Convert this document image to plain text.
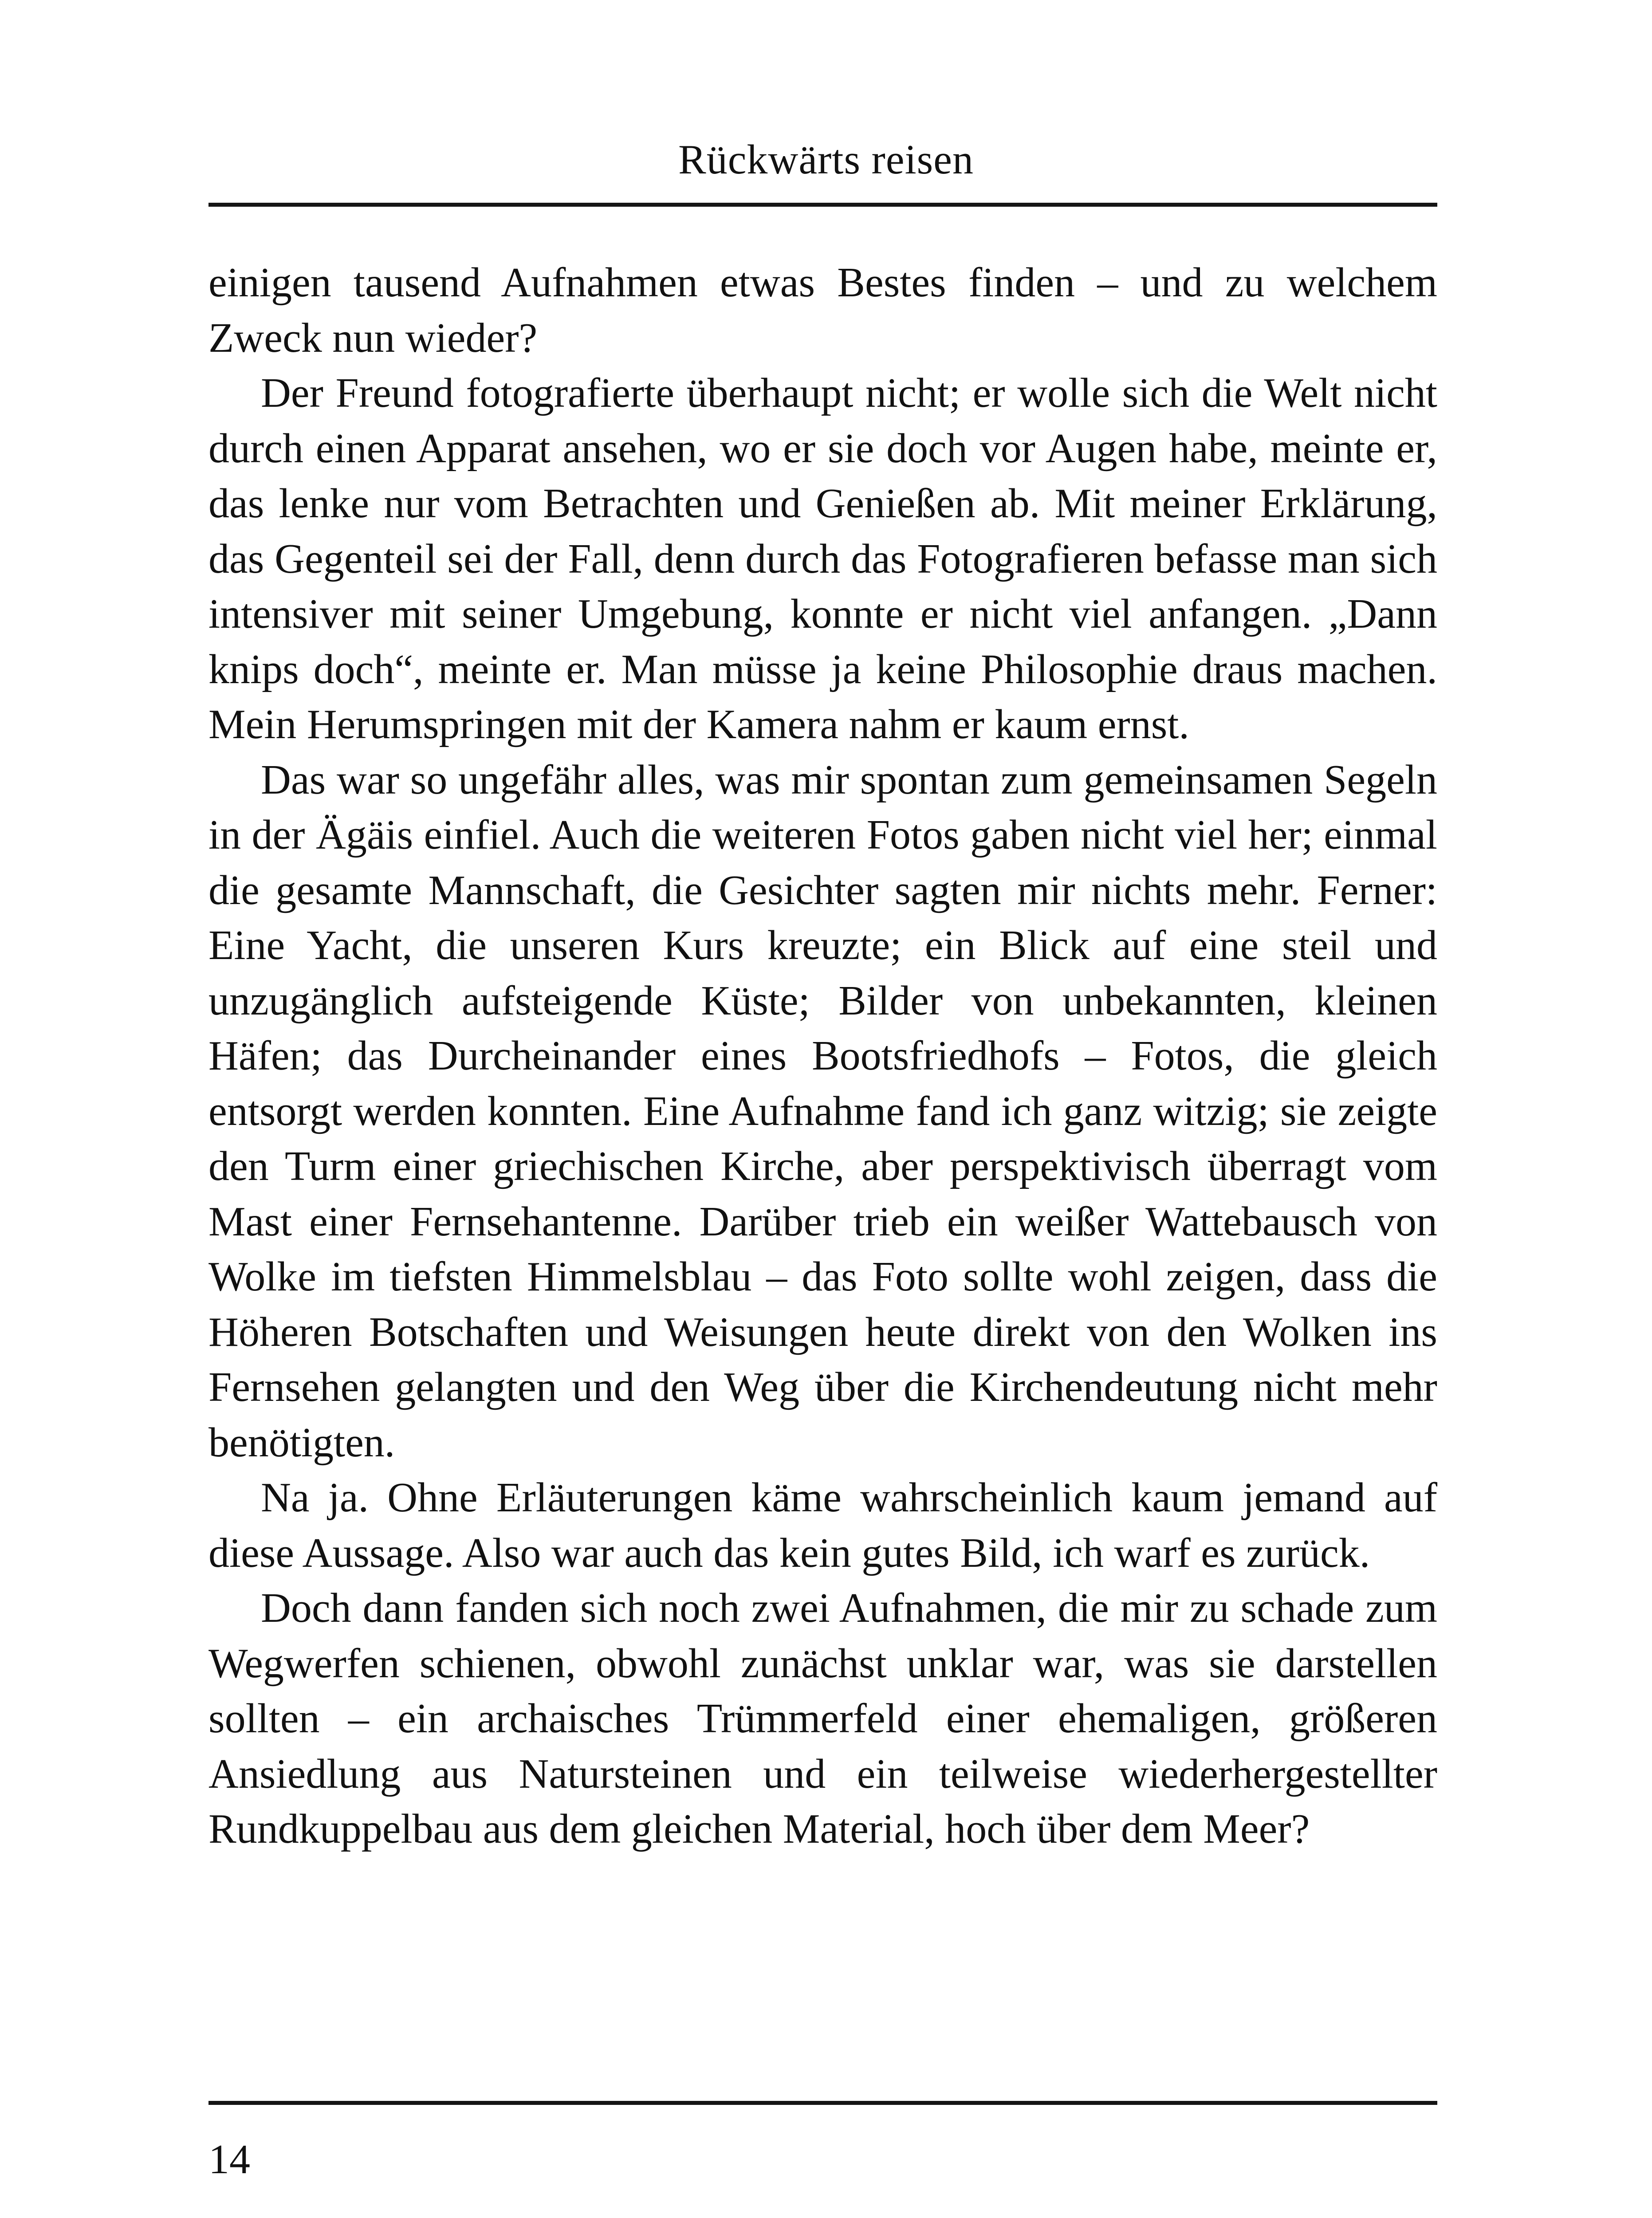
Rückwärts reisen

einigen tausend Aufnahmen etwas Bestes finden – und zu welchem Zweck nun wieder?

Der Freund fotografierte überhaupt nicht; er wolle sich die Welt nicht durch einen Apparat ansehen, wo er sie doch vor Augen habe, meinte er, das lenke nur vom Betrachten und Genießen ab. Mit meiner Erklärung, das Gegenteil sei der Fall, denn durch das Fotografieren befasse man sich intensiver mit seiner Umgebung, konnte er nicht viel anfangen. „Dann knips doch“, meinte er. Man müsse ja keine Philosophie draus machen. Mein Herumspringen mit der Kamera nahm er kaum ernst.

Das war so ungefähr alles, was mir spontan zum gemeinsamen Segeln in der Ägäis einfiel. Auch die weiteren Fotos gaben nicht viel her; einmal die gesamte Mannschaft, die Gesichter sagten mir nichts mehr. Ferner: Eine Yacht, die unseren Kurs kreuzte; ein Blick auf eine steil und unzugänglich aufsteigende Küste; Bilder von unbekannten, kleinen Häfen; das Durcheinander eines Bootsfriedhofs – Fotos, die gleich entsorgt werden konnten. Eine Aufnahme fand ich ganz witzig; sie zeigte den Turm einer griechischen Kirche, aber perspektivisch überragt vom Mast einer Fernsehantenne. Darüber trieb ein weißer Wattebausch von Wolke im tiefsten Himmelsblau – das Foto sollte wohl zeigen, dass die Höheren Botschaften und Weisungen heute direkt von den Wolken ins Fernsehen gelangten und den Weg über die Kirchendeutung nicht mehr benötigten.

Na ja. Ohne Erläuterungen käme wahrscheinlich kaum jemand auf diese Aussage. Also war auch das kein gutes Bild, ich warf es zurück.

Doch dann fanden sich noch zwei Aufnahmen, die mir zu schade zum Wegwerfen schienen, obwohl zunächst unklar war, was sie darstellen sollten – ein archaisches Trümmerfeld einer ehemaligen, größeren Ansiedlung aus Natursteinen und ein teilweise wiederhergestellter Rundkuppelbau aus dem gleichen Material, hoch über dem Meer?

14
